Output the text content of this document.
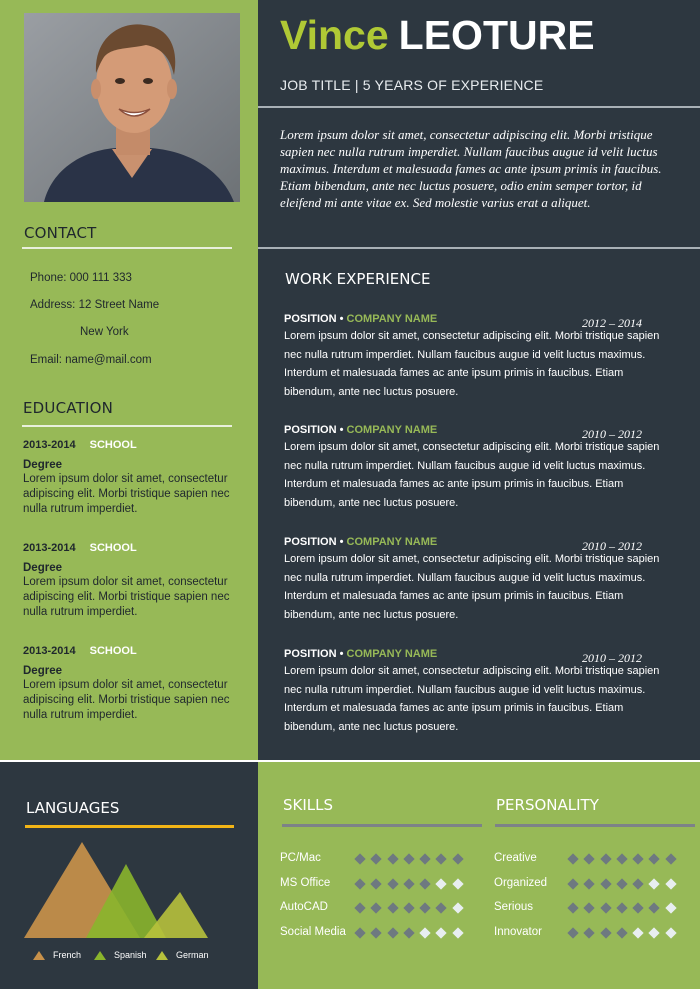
CONTACT
Phone: 000 111 333
Address: 12 Street Name
New York
Email: name@mail.com
EDUCATION
2013-2014 SCHOOL
Degree
Lorem ipsum dolor sit amet, consectetur adipiscing elit. Morbi tristique sapien nec nulla rutrum imperdiet.
2013-2014 SCHOOL
Degree
Lorem ipsum dolor sit amet, consectetur adipiscing elit. Morbi tristique sapien nec nulla rutrum imperdiet.
2013-2014 SCHOOL
Degree
Lorem ipsum dolor sit amet, consectetur adipiscing elit. Morbi tristique sapien nec nulla rutrum imperdiet.
Vince LEOTURE
JOB TITLE | 5 YEARS OF EXPERIENCE
Lorem ipsum dolor sit amet, consectetur adipiscing elit. Morbi tristique sapien nec nulla rutrum imperdiet. Nullam faucibus augue id velit luctus maximus. Interdum et malesuada fames ac ante ipsum primis in faucibus. Etiam bibendum, ante nec luctus posuere, odio enim semper tortor, id eleifend mi ante vitae ex. Sed molestie varius erat a aliquet.
WORK EXPERIENCE
POSITION • COMPANY NAME	2012 – 2014
Lorem ipsum dolor sit amet, consectetur adipiscing elit. Morbi tristique sapien nec nulla rutrum imperdiet. Nullam faucibus augue id velit luctus maximus. Interdum et malesuada fames ac ante ipsum primis in faucibus. Etiam bibendum, ante nec luctus posuere.
POSITION • COMPANY NAME	2010 – 2012
Lorem ipsum dolor sit amet, consectetur adipiscing elit. Morbi tristique sapien nec nulla rutrum imperdiet. Nullam faucibus augue id velit luctus maximus. Interdum et malesuada fames ac ante ipsum primis in faucibus. Etiam bibendum, ante nec luctus posuere.
POSITION • COMPANY NAME	2010 – 2012
Lorem ipsum dolor sit amet, consectetur adipiscing elit. Morbi tristique sapien nec nulla rutrum imperdiet. Nullam faucibus augue id velit luctus maximus. Interdum et malesuada fames ac ante ipsum primis in faucibus. Etiam bibendum, ante nec luctus posuere.
POSITION • COMPANY NAME	2010 – 2012
Lorem ipsum dolor sit amet, consectetur adipiscing elit. Morbi tristique sapien nec nulla rutrum imperdiet. Nullam faucibus augue id velit luctus maximus. Interdum et malesuada fames ac ante ipsum primis in faucibus. Etiam bibendum, ante nec luctus posuere.
LANGUAGES
French	Spanish	German
SKILLS	PERSONALITY
PC/Mac
MS Office
AutoCAD
Social Media
Creative
Organized
Serious
Innovator
